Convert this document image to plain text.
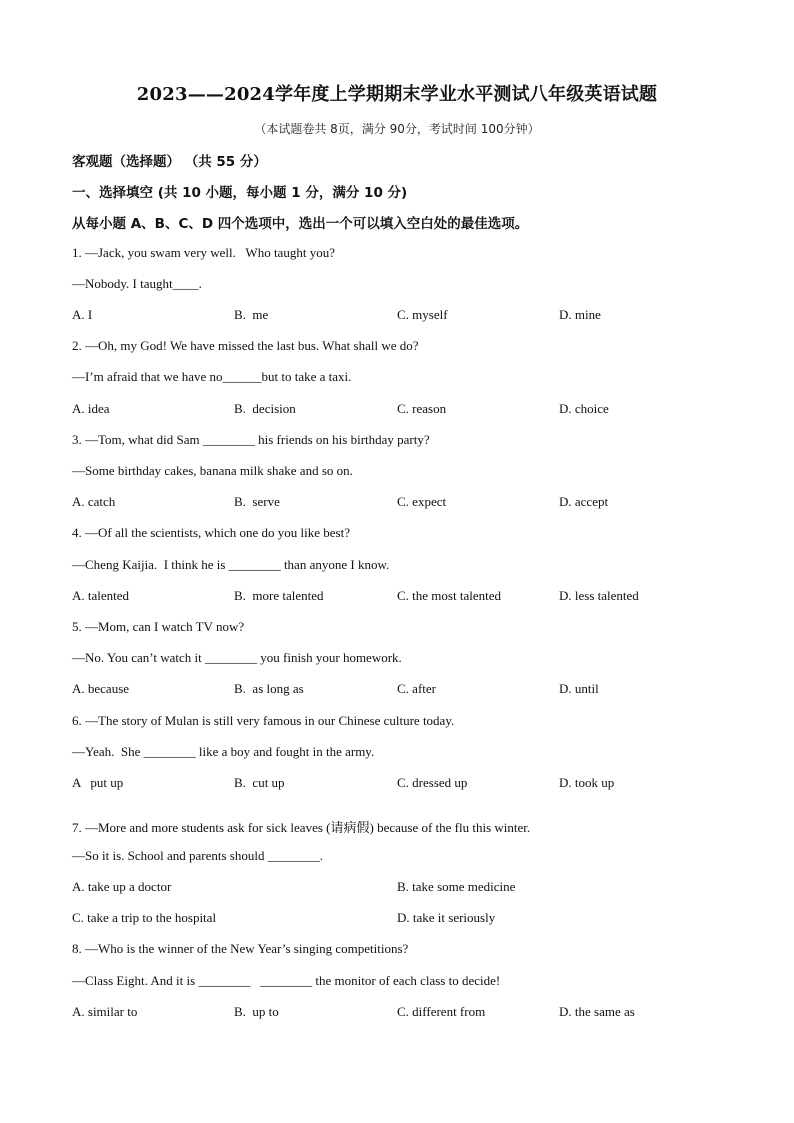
2023——2024学年度上学期期末学业水平测试八年级英语试题
（本试题卷共 8页，满分 90分，考试时间 100分钟）
客观题（选择题） （共 55 分）
一、选择填空 (共 10 小题，每小题 1 分，满分 10 分)
从每小题 A、B、C、D 四个选项中，选出一个可以填入空白处的最佳选项。
1. —Jack, you swam very well.   Who taught you?
—Nobody. I taught____.
A. I	B.  me	C. myself	D. mine
2. —Oh, my God! We have missed the last bus. What shall we do?
—I’m afraid that we have no______but to take a taxi.
A. idea	B.  decision	C. reason	D. choice
3. —Tom, what did Sam ________ his friends on his birthday party?
—Some birthday cakes, banana milk shake and so on.
A. catch	B.  serve	C. expect	D. accept
4. —Of all the scientists, which one do you like best?
—Cheng Kaijia.  I think he is ________ than anyone I know.
A. talented	B.  more talented	C. the most talented	D. less talented
5. —Mom, can I watch TV now?
—No. You can’t watch it ________ you finish your homework.
A. because	B.  as long as	C. after	D. until
6. —The story of Mulan is still very famous in our Chinese culture today.
—Yeah.  She ________ like a boy and fought in the army.
A   put up	B.  cut up	C. dressed up	D. took up
7. —More and more students ask for sick leaves (请病假) because of the flu this winter.
—So it is. School and parents should ________.
A. take up a doctor	B. take some medicine
C. take a trip to the hospital	D. take it seriously
8. —Who is the winner of the New Year’s singing competitions?
—Class Eight. And it is ________   ________ the monitor of each class to decide!
A. similar to	B.  up to	C. different from	D. the same as
